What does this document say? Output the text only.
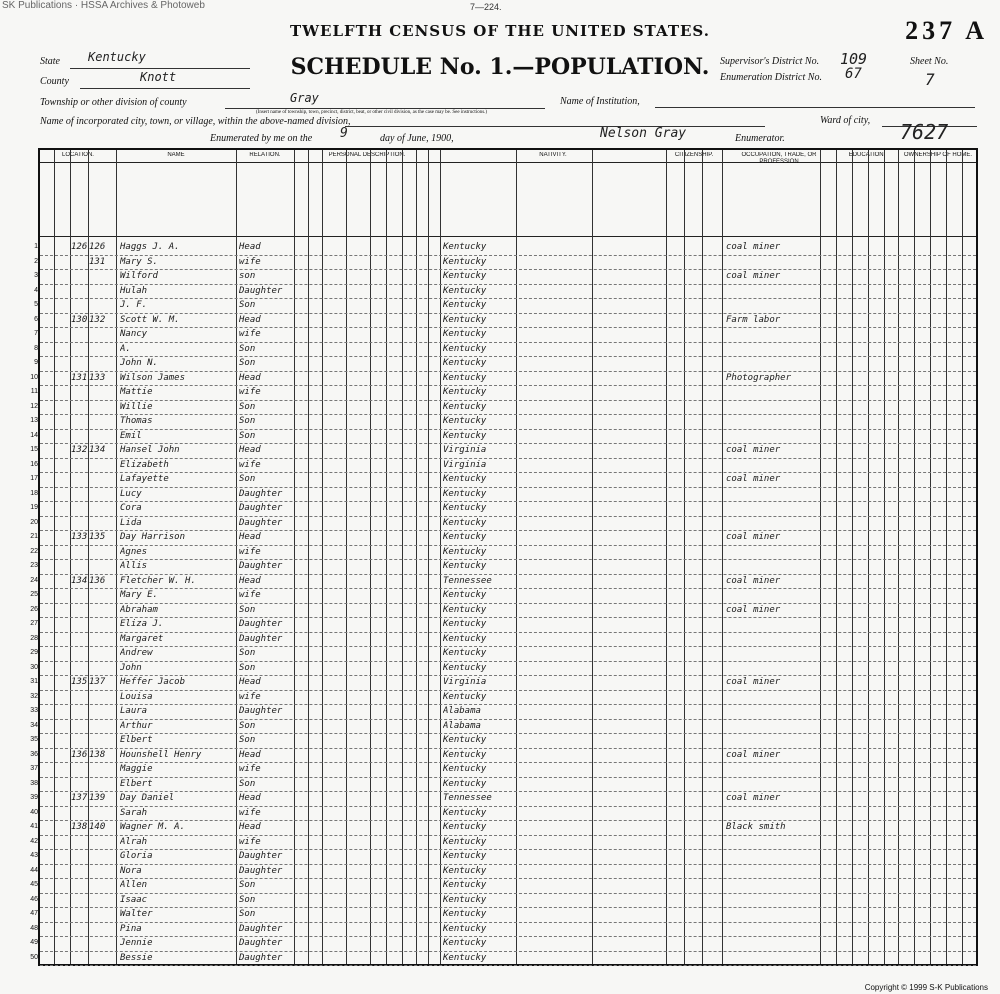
SK Publications · HSSA Archives & Photoweb	7—224.
237 A
TWELFTH CENSUS OF THE UNITED STATES.
SCHEDULE No. 1.—POPULATION.
State Kentucky
County	Knott
Township or other division of county	Gray
(Insert name of township, town, precinct, district, beat, or other civil division, as the case may be. See instructions.)
Name of incorporated city, town, or village, within the above-named division,
Name of Institution,
Ward of city,
Supervisor's District No. 109
Enumeration District No. 67
Sheet No.
7
Enumerated by me on the 9	day of June, 1900,	Nelson Gray	Enumerator.	7627
LOCATION.	NAME	RELATION.	PERSONAL DESCRIPTION.	NATIVITY.	CITIZENSHIP.	OCCUPATION, TRADE, OR PROFESSION
EDUCATION.	OWNERSHIP OF HOME.
1	126 126	Haggs J. A.	Head	Kentucky	coal miner
2	131	Mary S.	wife	Kentucky
3	Wilford	son	Kentucky	coal miner
4	Hulah	Daughter	Kentucky
5	J. F.	Son	Kentucky
6	130 132	Scott W. M.	Head	Kentucky	Farm labor
7	Nancy	wife	Kentucky
8	A.	Son	Kentucky
9	John N.	Son	Kentucky
10	131 133	Wilson James	Head	Kentucky	Photographer
11	Mattie	wife	Kentucky
12	Willie	Son	Kentucky
13	Thomas	Son	Kentucky
14	Emil	Son	Kentucky
15	132 134	Hansel John	Head	Virginia	coal miner
16	Elizabeth	wife	Virginia
17	Lafayette	Son	Kentucky	coal miner
18	Lucy	Daughter	Kentucky
19	Cora	Daughter	Kentucky
20	Lida	Daughter	Kentucky
21	133 135	Day Harrison	Head	Kentucky	coal miner
22	Agnes	wife	Kentucky
23	Allis	Daughter	Kentucky
24	134 136	Fletcher W. H.	Head	Tennessee	coal miner
25	Mary E.	wife	Kentucky
26	Abraham	Son	Kentucky	coal miner
27	Eliza J.	Daughter	Kentucky
28	Margaret	Daughter	Kentucky
29	Andrew	Son	Kentucky
30	John	Son	Kentucky
31	135 137	Heffer Jacob	Head	Virginia	coal miner
32	Louisa	wife	Kentucky
33	Laura	Daughter	Alabama
34	Arthur	Son	Alabama
35	Elbert	Son	Kentucky
36	136 138	Hounshell Henry	Head	Kentucky	coal miner
37	Maggie	wife	Kentucky
38	Elbert	Son	Kentucky
39	137 139	Day Daniel	Head	Tennessee	coal miner
40	Sarah	wife	Kentucky
41	138 140	Wagner M. A.	Head	Kentucky	Black smith
42	Alrah	wife	Kentucky
43	Gloria	Daughter	Kentucky
44	Nora	Daughter	Kentucky
45	Allen	Son	Kentucky
46	Isaac	Son	Kentucky
47	Walter	Son	Kentucky
48	Pina	Daughter	Kentucky
49	Jennie	Daughter	Kentucky
50	Bessie	Daughter	Kentucky
Copyright © 1999 S-K Publications
